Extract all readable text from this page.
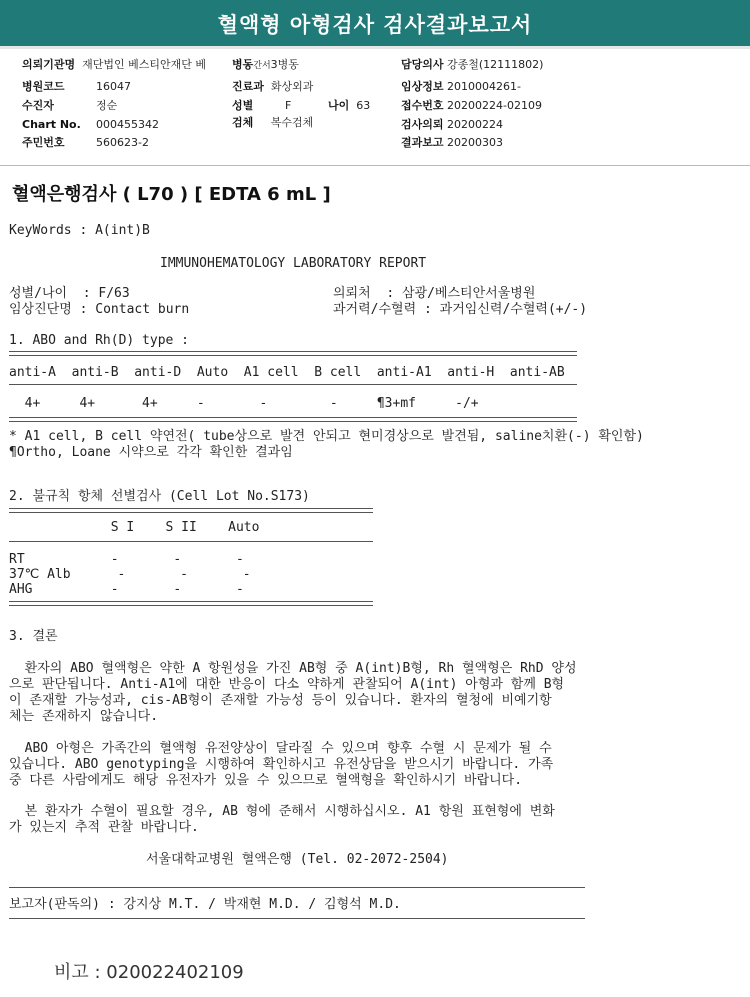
혈액형 아형검사 검사결과보고서
의뢰기관명 재단법인 베스티안재단 베 병동간서3병동	담당의사 강종철(12111802)
병원코드	16047	진료과 화상외과	임상정보 2010004261-
수진자	정순	성별	F	나이 63	접수번호 20200224-02109
Chart No. 000455342	검체 복수검체	검사의뢰 20200224
주민번호	560623-2	결과보고 20200303
혈액은행검사 ( L70 ) [ EDTA 6 mL ]
KeyWords : A(int)B
IMMUNOHEMATOLOGY LABORATORY REPORT
성별/나이  : F/63	의뢰처  : 삼광/베스티안서울병원
임상진단명 : Contact burn	과거력/수혈력 : 과거임신력/수혈력(+/-)
1. ABO and Rh(D) type :
anti-A  anti-B  anti-D  Auto  A1 cell  B cell  anti-A1  anti-H  anti-AB
4+     4+      4+     -       -        -     ¶3+mf     -/+
* A1 cell, B cell 약연전( tube상으로 발견 안되고 현미경상으로 발견됨, saline치환(-) 확인함)
¶Ortho, Loane 시약으로 각각 확인한 결과임
2. 불규칙 항체 선별검사 (Cell Lot No.S173)
S I    S II    Auto
RT           -       -       -
37℃ Alb      -       -       -
AHG          -       -       -
3. 결론
환자의 ABO 혈액형은 약한 A 항원성을 가진 AB형 중 A(int)B형, Rh 혈액형은 RhD 양성
으로 판단됩니다. Anti-A1에 대한 반응이 다소 약하게 관찰되어 A(int) 아형과 함께 B형
이 존재할 가능성과, cis-AB형이 존재할 가능성 등이 있습니다. 환자의 혈청에 비예기항
체는 존재하지 않습니다.
ABO 아형은 가족간의 혈액형 유전양상이 달라질 수 있으며 향후 수혈 시 문제가 될 수
있습니다. ABO genotyping을 시행하여 확인하시고 유전상담을 받으시기 바랍니다. 가족
중 다른 사람에게도 해당 유전자가 있을 수 있으므로 혈액형을 확인하시기 바랍니다.
본 환자가 수혈이 필요할 경우, AB 형에 준해서 시행하십시오. A1 항원 표현형에 변화
가 있는지 추적 관찰 바랍니다.
서울대학교병원 혈액은행 (Tel. 02-2072-2504)
보고자(판독의) : 강지상 M.T. / 박재현 M.D. / 김형석 M.D.
비고 : 020022402109
